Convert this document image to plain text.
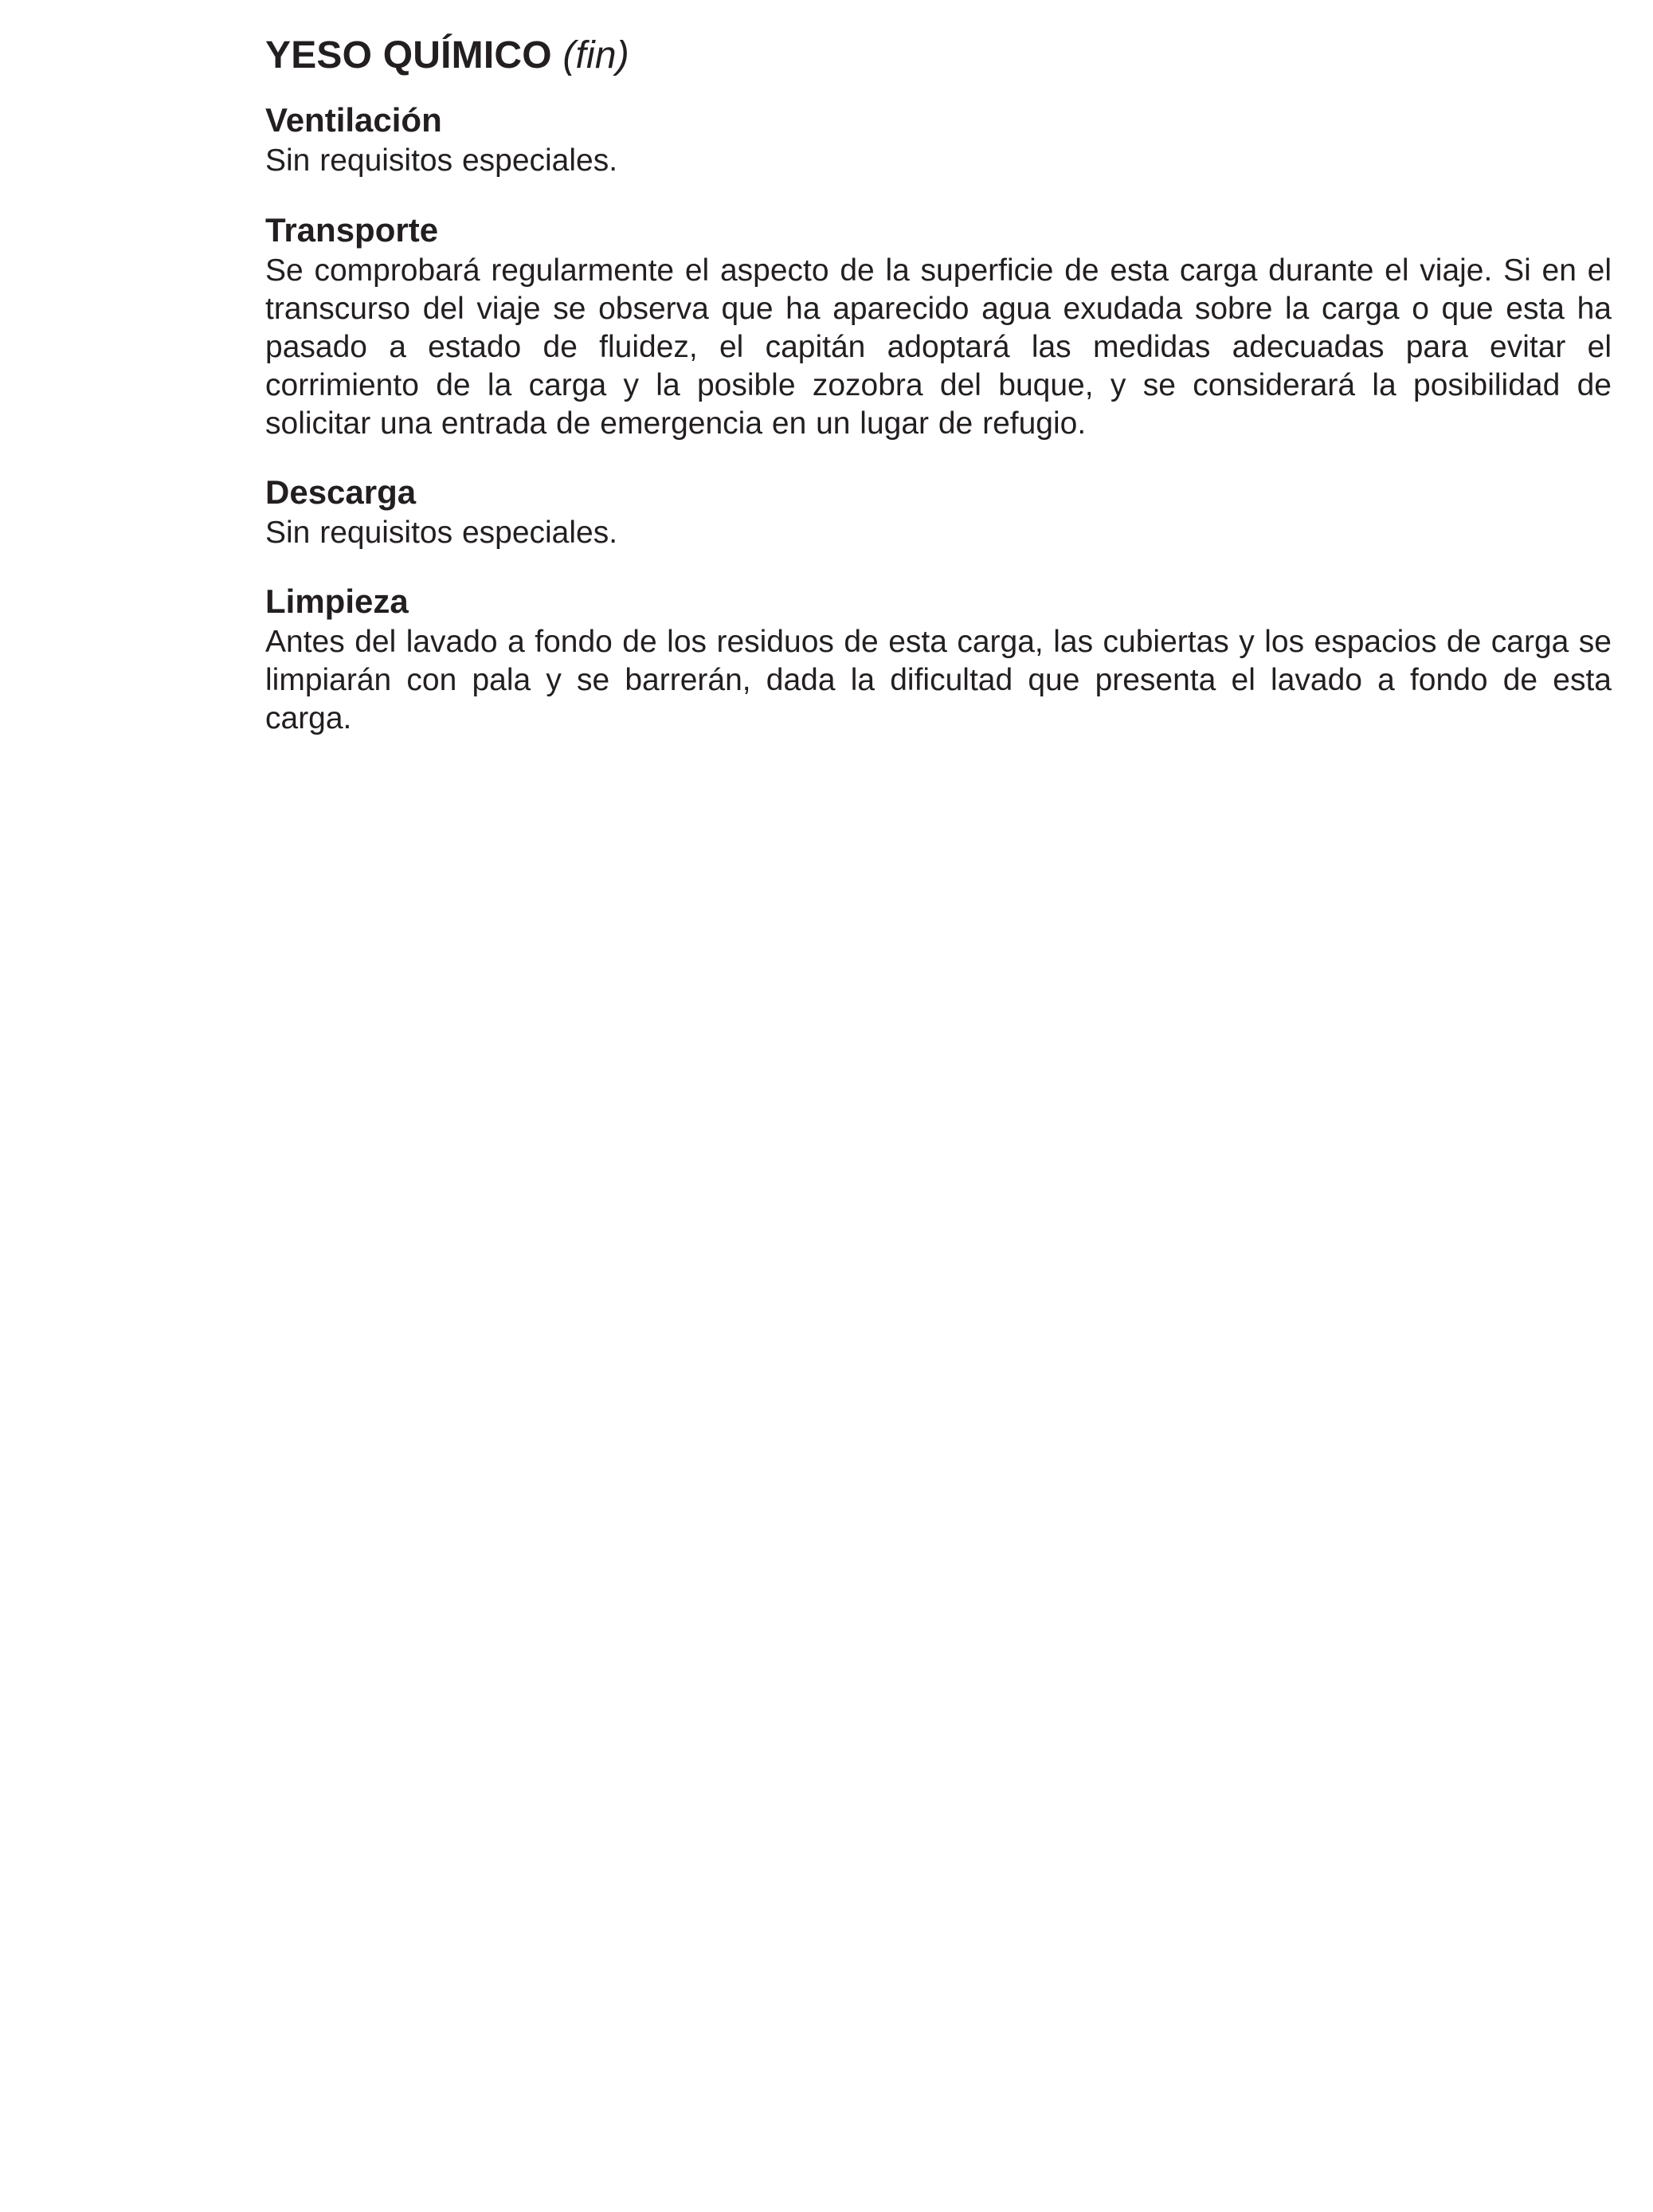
YESO QUÍMICO (fin)
Ventilación

Sin requisitos especiales.

Transporte

Se comprobará regularmente el aspecto de la superficie de esta carga durante el viaje. Si en el transcurso del viaje se observa que ha aparecido agua exudada sobre la carga o que esta ha pasado a estado de fluidez, el capitán adoptará las medidas adecuadas para evitar el corrimiento de la carga y la posible zozobra del buque, y se considerará la posibilidad de solicitar una entrada de emergencia en un lugar de refugio.

Descarga

Sin requisitos especiales.

Limpieza

Antes del lavado a fondo de los residuos de esta carga, las cubiertas y los espacios de carga se limpiarán con pala y se barrerán, dada la dificultad que presenta el lavado a fondo de esta carga.
